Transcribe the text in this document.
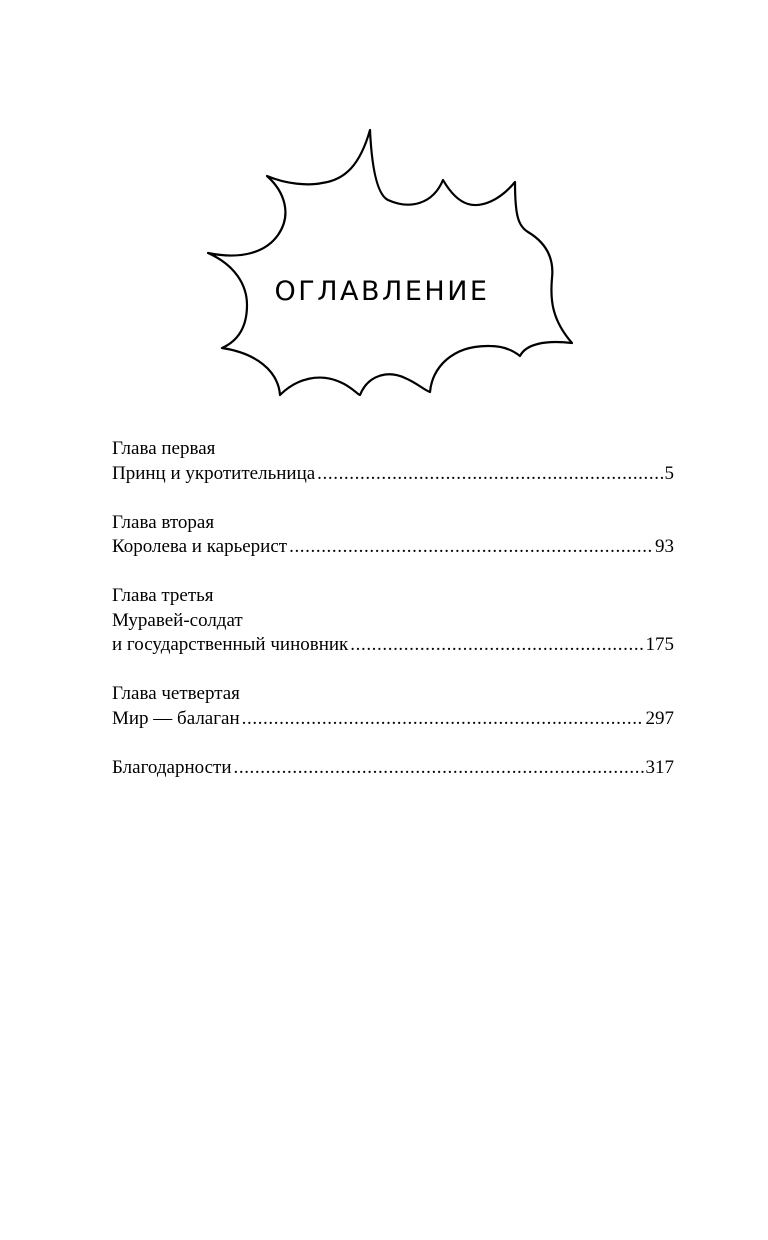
ОГЛАВЛЕНИЕ
Глава первая
Принц и укротительница .....	5
Глава вторая
Королева и карьерист .....	93
Глава третья
Муравей-солдат
и государственный чиновник .....	175
Глава четвертая
Мир — балаган .....	297
Благодарности .....	317
